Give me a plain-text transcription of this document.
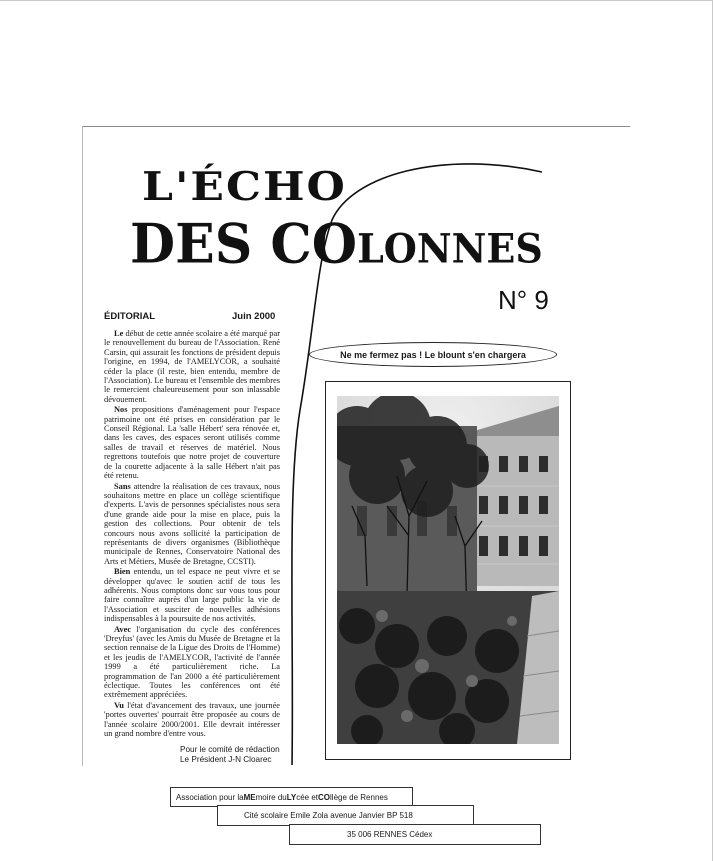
L'ÉCHO
DES COLONNES
N° 9
ÉDITORIAL	Juin 2000

Le début de cette année scolaire a été marqué par le renouvellement du bureau de l'Association. René Carsin, qui assurait les fonctions de président depuis l'origine, en 1994, de l'AMELYCOR, a souhaité céder la place (il reste, bien entendu, membre de l'Association). Le bureau et l'ensemble des membres le remercient chaleureusement pour son inlassable dévouement.

Nos propositions d'aménagement pour l'espace patrimoine ont été prises en considération par le Conseil Régional. La 'salle Hébert' sera rénovée et, dans les caves, des espaces seront utilisés comme salles de travail et réserves de matériel. Nous regrettons toutefois que notre projet de couverture de la courette adjacente à la salle Hébert n'ait pas été retenu.

Sans attendre la réalisation de ces travaux, nous souhaitons mettre en place un collège scientifique d'experts. L'avis de personnes spécialistes nous sera d'une grande aide pour la mise en place, puis la gestion des collections. Pour obtenir de tels concours nous avons sollicité la participation de représentants de divers organismes (Bibliothèque municipale de Rennes, Conservatoire National des Arts et Métiers, Musée de Bretagne, CCSTI).

Bien entendu, un tel espace ne peut vivre et se développer qu'avec le soutien actif de tous les adhérents. Nous comptons donc sur vous tous pour faire connaître auprès d'un large public la vie de l'Association et susciter de nouvelles adhésions indispensables à la poursuite de nos activités.

Avec l'organisation du cycle des conférences 'Dreyfus' (avec les Amis du Musée de Bretagne et la section rennaise de la Ligue des Droits de l'Homme) et les jeudis de l'AMELYCOR, l'activité de l'année 1999 a été particulièrement riche. La programmation de l'an 2000 a été particulièrement éclectique. Toutes les conférences ont été extrêmement appréciées.

Vu l'état d'avancement des travaux, une journée 'portes ouvertes' pourrait être proposée au cours de l'année scolaire 2000/2001. Elle devrait intéresser un grand nombre d'entre vous.

Pour le comité de rédaction
Le Président J-N Cloarec
Ne me fermez pas ! Le blount s'en chargera
Association pour la ME moire du LY cée et CO llège de Rennes
Cité scolaire Emile Zola avenue Janvier BP 518
35 006 RENNES Cédex
